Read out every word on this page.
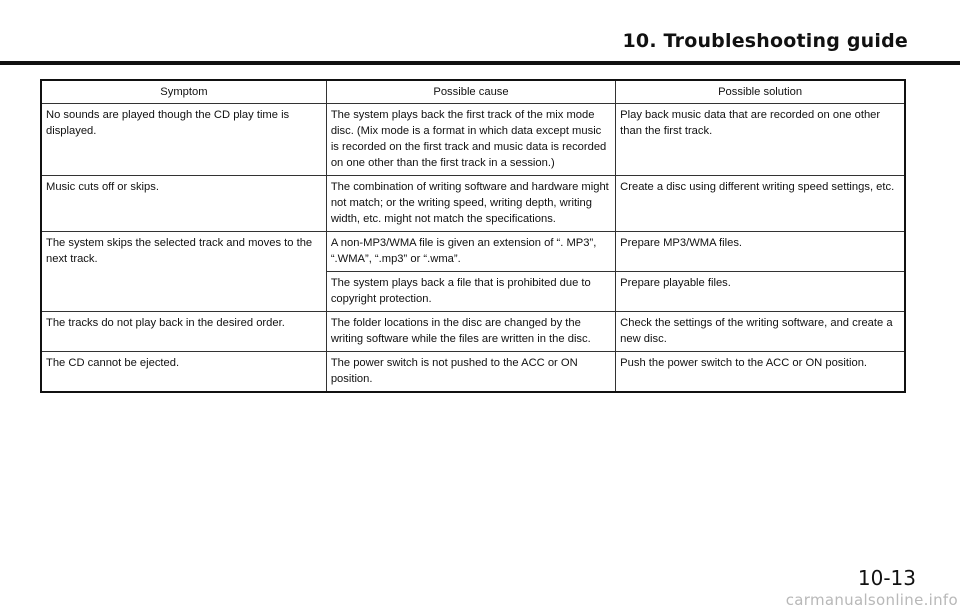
10. Troubleshooting guide
Symptom	Possible cause	Possible solution
No sounds are played though the CD play time is displayed.	The system plays back the first track of the mix mode disc. (Mix mode is a format in which data except music is recorded on the first track and music data is recorded on one other than the first track in a session.)	Play back music data that are recorded on one other than the first track.
Music cuts off or skips.	The combination of writing software and hardware might not match; or the writing speed, writing depth, writing width, etc. might not match the specifications.	Create a disc using different writing speed settings, etc.
The system skips the selected track and moves to the next track.	A non-MP3/WMA file is given an extension of “. MP3”, “.WMA”, “.mp3” or “.wma”.	Prepare MP3/WMA files.
	The system plays back a file that is prohibited due to copyright protection.	Prepare playable files.
The tracks do not play back in the desired order.	The folder locations in the disc are changed by the writing software while the files are written in the disc.	Check the settings of the writing software, and create a new disc.
The CD cannot be ejected.	The power switch is not pushed to the ACC or ON position.	Push the power switch to the ACC or ON position.
10-13
carmanualsonline.info
